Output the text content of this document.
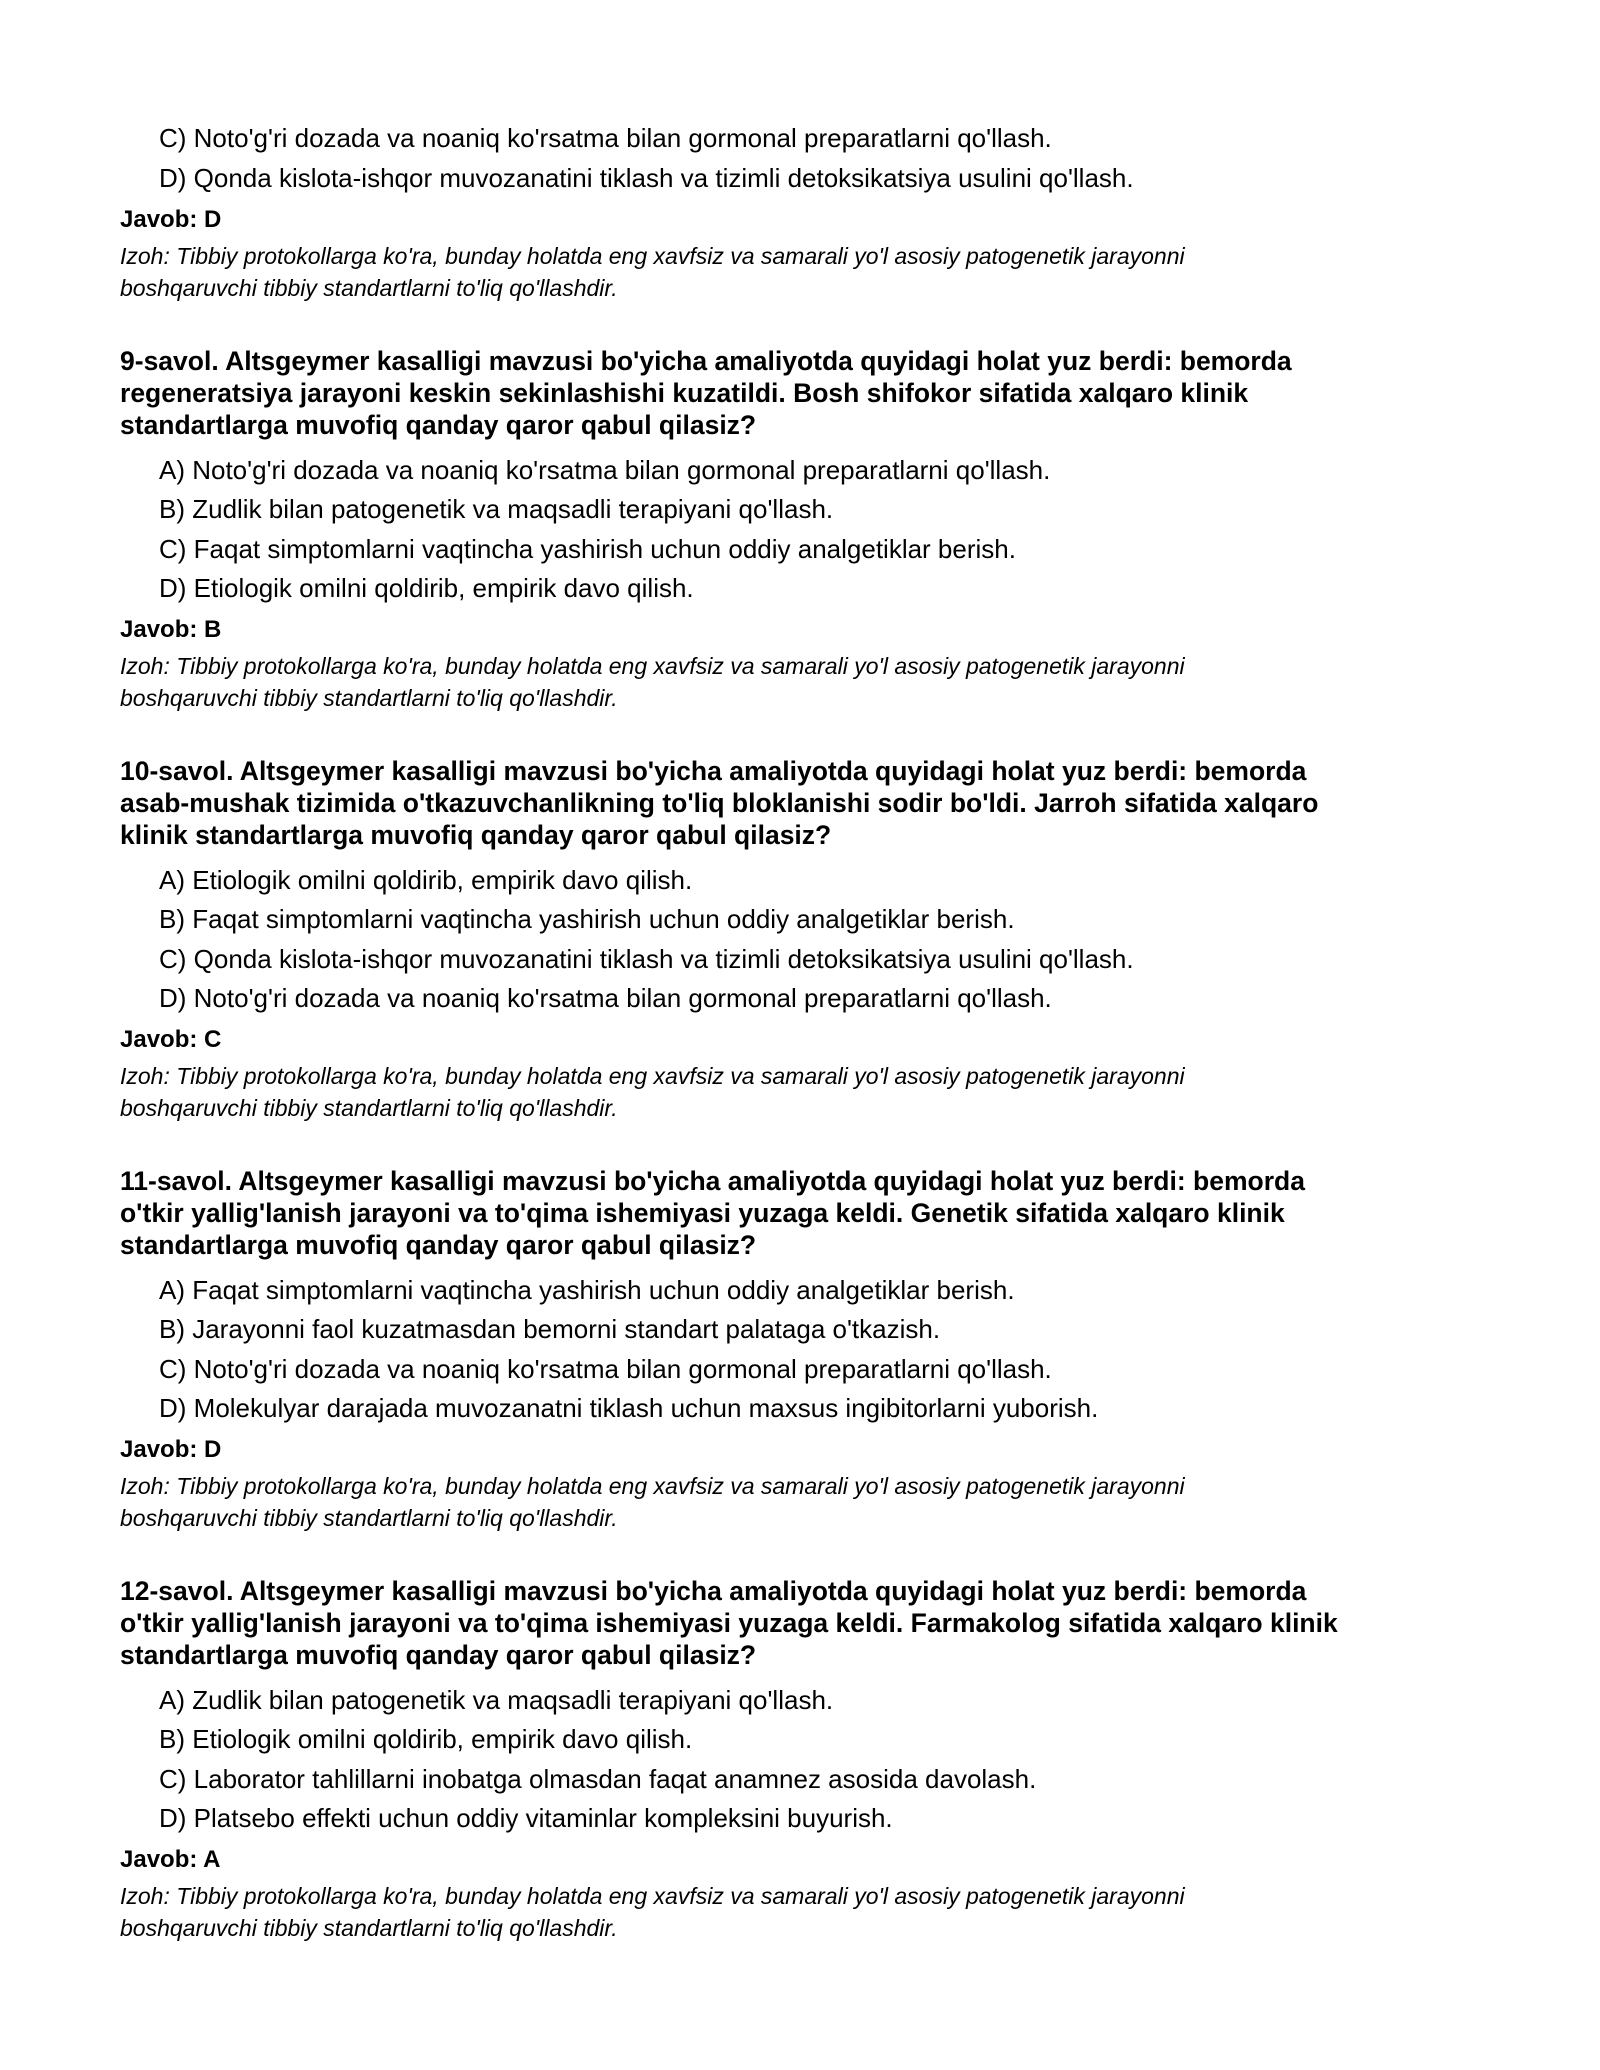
C) Noto'g'ri dozada va noaniq ko'rsatma bilan gormonal preparatlarni qo'llash.
D) Qonda kislota-ishqor muvozanatini tiklash va tizimli detoksikatsiya usulini qo'llash.
Javob: D
Izoh: Tibbiy protokollarga ko'ra, bunday holatda eng xavfsiz va samarali yo'l asosiy patogenetik jarayonni
boshqaruvchi tibbiy standartlarni to'liq qo'llashdir.
9-savol. Altsgeymer kasalligi mavzusi bo'yicha amaliyotda quyidagi holat yuz berdi: bemorda
regeneratsiya jarayoni keskin sekinlashishi kuzatildi. Bosh shifokor sifatida xalqaro klinik
standartlarga muvofiq qanday qaror qabul qilasiz?
A) Noto'g'ri dozada va noaniq ko'rsatma bilan gormonal preparatlarni qo'llash.
B) Zudlik bilan patogenetik va maqsadli terapiyani qo'llash.
C) Faqat simptomlarni vaqtincha yashirish uchun oddiy analgetiklar berish.
D) Etiologik omilni qoldirib, empirik davo qilish.
Javob: B
Izoh: Tibbiy protokollarga ko'ra, bunday holatda eng xavfsiz va samarali yo'l asosiy patogenetik jarayonni
boshqaruvchi tibbiy standartlarni to'liq qo'llashdir.
10-savol. Altsgeymer kasalligi mavzusi bo'yicha amaliyotda quyidagi holat yuz berdi: bemorda
asab-mushak tizimida o'tkazuvchanlikning to'liq bloklanishi sodir bo'ldi. Jarroh sifatida xalqaro
klinik standartlarga muvofiq qanday qaror qabul qilasiz?
A) Etiologik omilni qoldirib, empirik davo qilish.
B) Faqat simptomlarni vaqtincha yashirish uchun oddiy analgetiklar berish.
C) Qonda kislota-ishqor muvozanatini tiklash va tizimli detoksikatsiya usulini qo'llash.
D) Noto'g'ri dozada va noaniq ko'rsatma bilan gormonal preparatlarni qo'llash.
Javob: C
Izoh: Tibbiy protokollarga ko'ra, bunday holatda eng xavfsiz va samarali yo'l asosiy patogenetik jarayonni
boshqaruvchi tibbiy standartlarni to'liq qo'llashdir.
11-savol. Altsgeymer kasalligi mavzusi bo'yicha amaliyotda quyidagi holat yuz berdi: bemorda
o'tkir yallig'lanish jarayoni va to'qima ishemiyasi yuzaga keldi. Genetik sifatida xalqaro klinik
standartlarga muvofiq qanday qaror qabul qilasiz?
A) Faqat simptomlarni vaqtincha yashirish uchun oddiy analgetiklar berish.
B) Jarayonni faol kuzatmasdan bemorni standart palataga o'tkazish.
C) Noto'g'ri dozada va noaniq ko'rsatma bilan gormonal preparatlarni qo'llash.
D) Molekulyar darajada muvozanatni tiklash uchun maxsus ingibitorlarni yuborish.
Javob: D
Izoh: Tibbiy protokollarga ko'ra, bunday holatda eng xavfsiz va samarali yo'l asosiy patogenetik jarayonni
boshqaruvchi tibbiy standartlarni to'liq qo'llashdir.
12-savol. Altsgeymer kasalligi mavzusi bo'yicha amaliyotda quyidagi holat yuz berdi: bemorda
o'tkir yallig'lanish jarayoni va to'qima ishemiyasi yuzaga keldi. Farmakolog sifatida xalqaro klinik
standartlarga muvofiq qanday qaror qabul qilasiz?
A) Zudlik bilan patogenetik va maqsadli terapiyani qo'llash.
B) Etiologik omilni qoldirib, empirik davo qilish.
C) Laborator tahlillarni inobatga olmasdan faqat anamnez asosida davolash.
D) Platsebo effekti uchun oddiy vitaminlar kompleksini buyurish.
Javob: A
Izoh: Tibbiy protokollarga ko'ra, bunday holatda eng xavfsiz va samarali yo'l asosiy patogenetik jarayonni
boshqaruvchi tibbiy standartlarni to'liq qo'llashdir.
